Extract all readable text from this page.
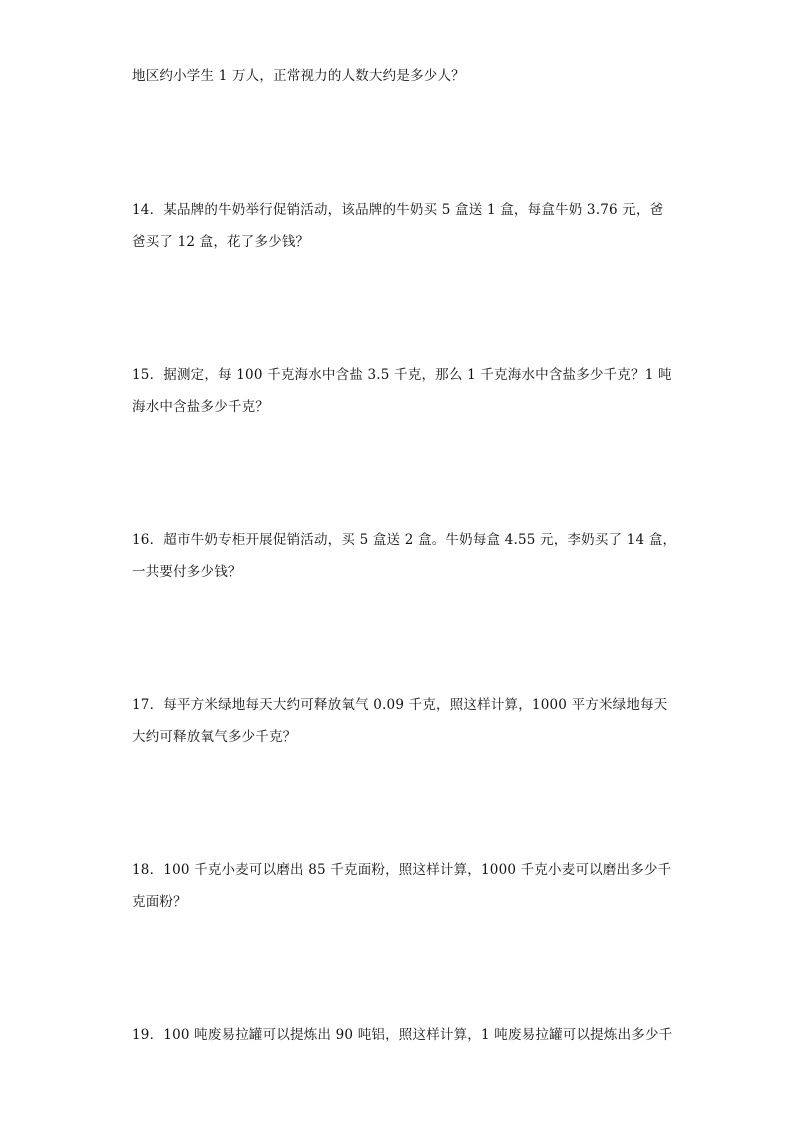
地区约小学生 1 万人，正常视力的人数大约是多少人？
14．某品牌的牛奶举行促销活动，该品牌的牛奶买 5 盒送 1 盒，每盒牛奶 3.76 元，爸
爸买了 12 盒，花了多少钱？
15．据测定，每 100 千克海水中含盐 3.5 千克，那么 1 千克海水中含盐多少千克？1 吨
海水中含盐多少千克？
16．超市牛奶专柜开展促销活动，买 5 盒送 2 盒。牛奶每盒 4.55 元，李奶买了 14 盒，
一共要付多少钱？
17．每平方米绿地每天大约可释放氧气 0.09 千克，照这样计算，1000 平方米绿地每天
大约可释放氧气多少千克？
18．100 千克小麦可以磨出 85 千克面粉，照这样计算，1000 千克小麦可以磨出多少千
克面粉？
19．100 吨废易拉罐可以提炼出 90 吨铝，照这样计算，1 吨废易拉罐可以提炼出多少千
